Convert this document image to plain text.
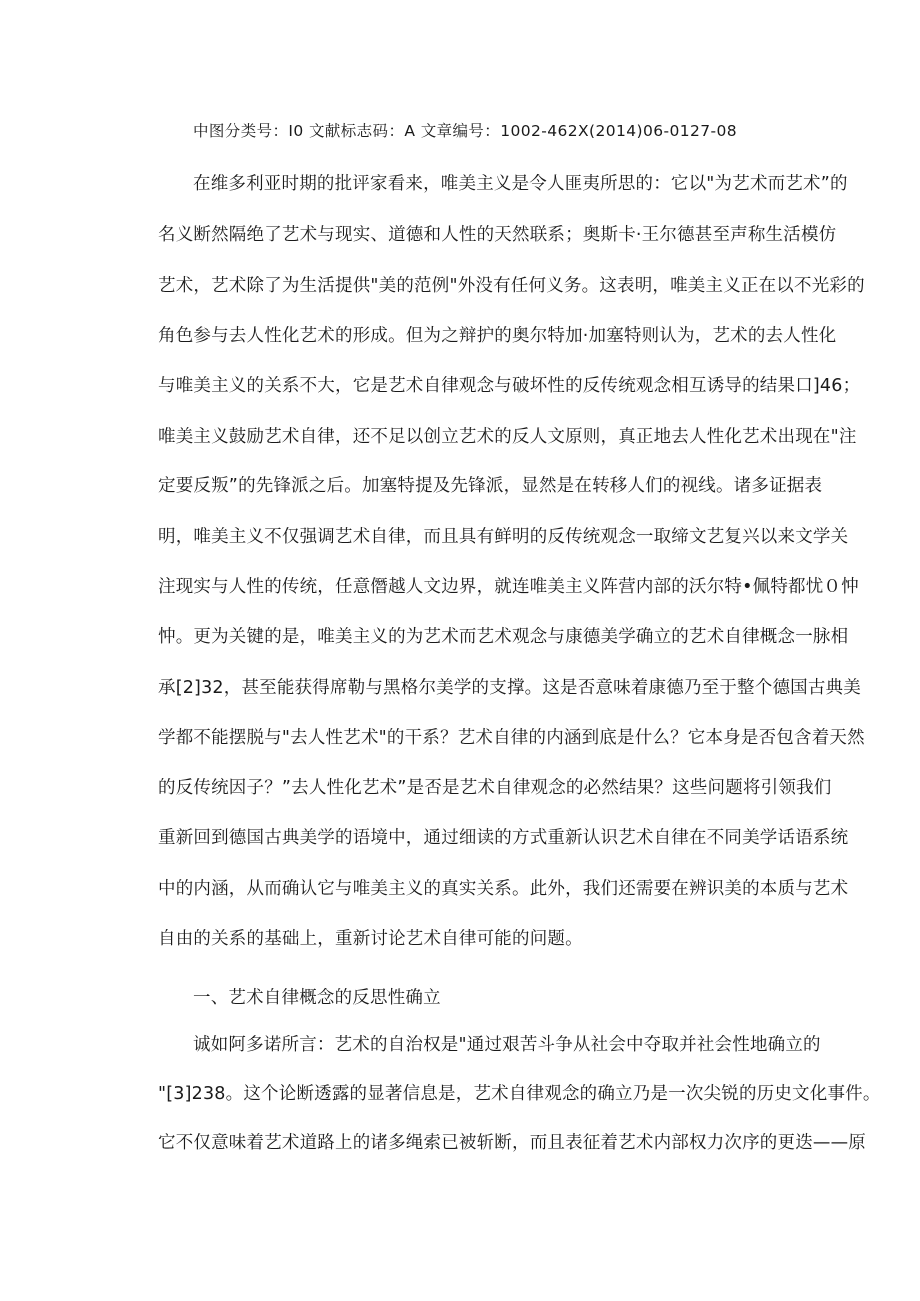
中图分类号：I0 文献标志码：A 文章编号：1002-462X(2014)06-0127-08
在维多利亚时期的批评家看来，唯美主义是令人匪夷所思的：它以"为艺术而艺术”的
名义断然隔绝了艺术与现实、道德和人性的天然联系；奥斯卡·王尔德甚至声称生活模仿
艺术，艺术除了为生活提供"美的范例"外没有任何义务。这表明，唯美主义正在以不光彩的
角色参与去人性化艺术的形成。但为之辩护的奥尔特加·加塞特则认为，艺术的去人性化
与唯美主义的关系不大，它是艺术自律观念与破坏性的反传统观念相互诱导的结果口]46；
唯美主义鼓励艺术自律，还不足以创立艺术的反人文原则，真正地去人性化艺术出现在"注
定要反叛”的先锋派之后。加塞特提及先锋派，显然是在转移人们的视线。诸多证据表
明，唯美主义不仅强调艺术自律，而且具有鲜明的反传统观念一取缔文艺复兴以来文学关
注现实与人性的传统，任意僭越人文边界，就连唯美主义阵营内部的沃尔特•佩特都忧０忡
忡。更为关键的是，唯美主义的为艺术而艺术观念与康德美学确立的艺术自律概念一脉相
承[2]32，甚至能获得席勒与黑格尔美学的支撑。这是否意味着康德乃至于整个德国古典美
学都不能摆脱与"去人性艺术"的干系？艺术自律的内涵到底是什么？它本身是否包含着天然
的反传统因子？”去人性化艺术”是否是艺术自律观念的必然结果？这些问题将引领我们
重新回到德国古典美学的语境中，通过细读的方式重新认识艺术自律在不同美学话语系统
中的内涵，从而确认它与唯美主义的真实关系。此外，我们还需要在辨识美的本质与艺术
自由的关系的基础上，重新讨论艺术自律可能的问题。
一、艺术自律概念的反思性确立
诚如阿多诺所言：艺术的自治权是"通过艰苦斗争从社会中夺取并社会性地确立的
"[3]238。这个论断透露的显著信息是，艺术自律观念的确立乃是一次尖锐的历史文化事件。
它不仅意味着艺术道路上的诸多绳索已被斩断，而且表征着艺术内部权力次序的更迭——原
